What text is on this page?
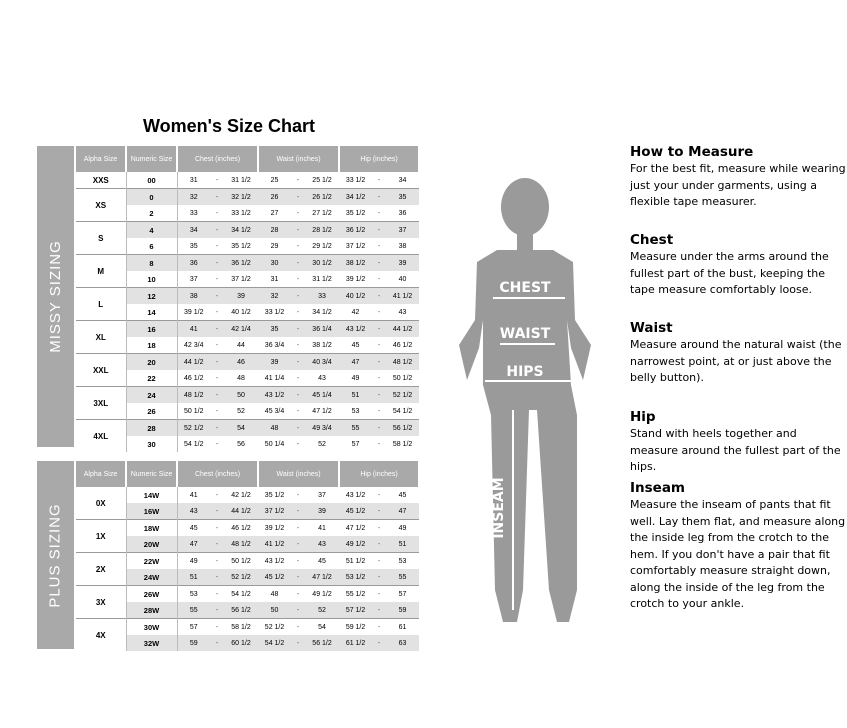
Women's Size Chart
MISSY SIZING
Alpha Size	Numeric Size	Chest (inches)			Waist (inches)			Hip (inches)		
XXS	00	31	-	31 1/2	25	-	25 1/2	33 1/2	-	34
XS	0	32	-	32 1/2	26	-	26 1/2	34 1/2	-	35
	2	33	-	33 1/2	27	-	27 1/2	35 1/2	-	36
S	4	34	-	34 1/2	28	-	28 1/2	36 1/2	-	37
	6	35	-	35 1/2	29	-	29 1/2	37 1/2	-	38
M	8	36	-	36 1/2	30	-	30 1/2	38 1/2	-	39
	10	37	-	37 1/2	31	-	31 1/2	39 1/2	-	40
L	12	38	-	39	32	-	33	40 1/2	-	41 1/2
	14	39 1/2	-	40 1/2	33 1/2	-	34 1/2	42	-	43
XL	16	41	-	42 1/4	35	-	36 1/4	43 1/2	-	44 1/2
	18	42 3/4	-	44	36 3/4	-	38 1/2	45	-	46 1/2
XXL	20	44 1/2	-	46	39	-	40 3/4	47	-	48 1/2
	22	46 1/2	-	48	41 1/4	-	43	49	-	50 1/2
3XL	24	48 1/2	-	50	43 1/2	-	45 1/4	51	-	52 1/2
	26	50 1/2	-	52	45 3/4	-	47 1/2	53	-	54 1/2
4XL	28	52 1/2	-	54	48	-	49 3/4	55	-	56 1/2
	30	54 1/2	-	56	50 1/4	-	52	57	-	58 1/2
PLUS SIZING
Alpha Size	Numeric Size	Chest (inches)			Waist (inches)			Hip (inches)		
0X	14W	41	-	42 1/2	35 1/2	-	37	43 1/2	-	45
	16W	43	-	44 1/2	37 1/2	-	39	45 1/2	-	47
1X	18W	45	-	46 1/2	39 1/2	-	41	47 1/2	-	49
	20W	47	-	48 1/2	41 1/2	-	43	49 1/2	-	51
2X	22W	49	-	50 1/2	43 1/2	-	45	51 1/2	-	53
	24W	51	-	52 1/2	45 1/2	-	47 1/2	53 1/2	-	55
3X	26W	53	-	54 1/2	48	-	49 1/2	55 1/2	-	57
	28W	55	-	56 1/2	50	-	52	57 1/2	-	59
4X	30W	57	-	58 1/2	52 1/2	-	54	59 1/2	-	61
	32W	59	-	60 1/2	54 1/2	-	56 1/2	61 1/2	-	63
CHEST
WAIST
HIPS
INSEAM
How to Measure

For the best fit, measure while wearing just your under garments, using a flexible tape measurer.

Chest

Measure under the arms around the fullest part of the bust, keeping the tape measure comfortably loose.

Waist

Measure around the natural waist (the narrowest point, at or just above the belly button).

Hip

Stand with heels together and measure around the fullest part of the hips.

Inseam

Measure the inseam of pants that fit well. Lay them flat, and measure along the inside leg from the crotch to the hem. If you don't have a pair that fit comfortably measure straight down, along the inside of the leg from the crotch to your ankle.
